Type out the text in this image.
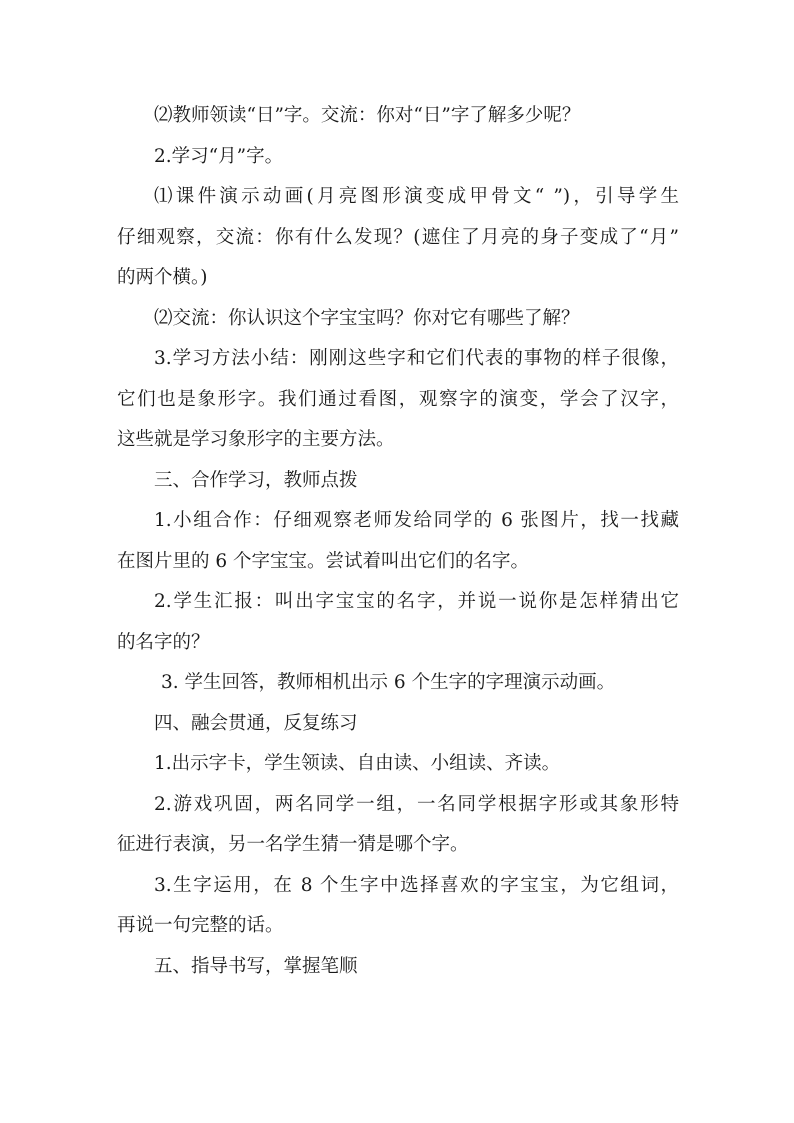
⑵教师领读“日”字。交流：你对“日”字了解多少呢？
2.学习“月”字。
⑴课件演示动画(月亮图形演变成甲骨文“ ”)，引导学生
仔细观察，交流：你有什么发现？(遮住了月亮的身子变成了“月”
的两个横。)
⑵交流：你认识这个字宝宝吗？你对它有哪些了解？
3.学习方法小结：刚刚这些字和它们代表的事物的样子很像，
它们也是象形字。我们通过看图，观察字的演变，学会了汉字，
这些就是学习象形字的主要方法。
三、合作学习，教师点拨
1.小组合作：仔细观察老师发给同学的 6 张图片，找一找藏
在图片里的 6 个字宝宝。尝试着叫出它们的名字。
2.学生汇报：叫出字宝宝的名字，并说一说你是怎样猜出它
的名字的？
3. 学生回答，教师相机出示 6 个生字的字理演示动画。
四、融会贯通，反复练习
1.出示字卡，学生领读、自由读、小组读、齐读。
2.游戏巩固，两名同学一组，一名同学根据字形或其象形特
征进行表演，另一名学生猜一猜是哪个字。
3.生字运用，在 8 个生字中选择喜欢的字宝宝，为它组词，
再说一句完整的话。
五、指导书写，掌握笔顺
